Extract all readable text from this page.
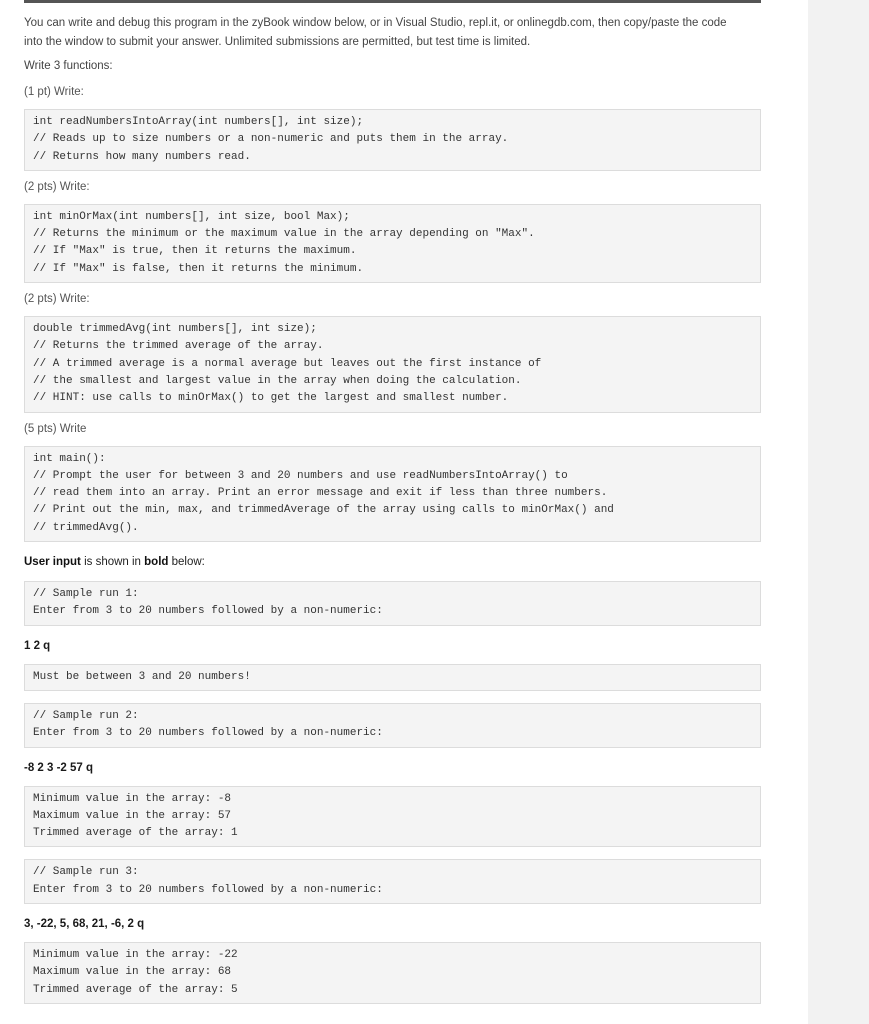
You can write and debug this program in the zyBook window below, or in Visual Studio, repl.it, or onlinegdb.com, then copy/paste the code

into the window to submit your answer. Unlimited submissions are permitted, but test time is limited.

Write 3 functions:

(1 pt) Write:
int readNumbersIntoArray(int numbers[], int size);
// Reads up to size numbers or a non-numeric and puts them in the array.
// Returns how many numbers read.
(2 pts) Write:
int minOrMax(int numbers[], int size, bool Max);
// Returns the minimum or the maximum value in the array depending on "Max".
// If "Max" is true, then it returns the maximum.
// If "Max" is false, then it returns the minimum.
(2 pts) Write:
double trimmedAvg(int numbers[], int size);
// Returns the trimmed average of the array.
// A trimmed average is a normal average but leaves out the first instance of
// the smallest and largest value in the array when doing the calculation.
// HINT: use calls to minOrMax() to get the largest and smallest number.
(5 pts) Write
int main():
// Prompt the user for between 3 and 20 numbers and use readNumbersIntoArray() to
// read them into an array. Print an error message and exit if less than three numbers.
// Print out the min, max, and trimmedAverage of the array using calls to minOrMax() and
// trimmedAvg().
User input is shown in bold below:
// Sample run 1:
Enter from 3 to 20 numbers followed by a non-numeric:
1 2 q
Must be between 3 and 20 numbers!
// Sample run 2:
Enter from 3 to 20 numbers followed by a non-numeric:
-8 2 3 -2 57 q
Minimum value in the array: -8
Maximum value in the array: 57
Trimmed average of the array: 1
// Sample run 3:
Enter from 3 to 20 numbers followed by a non-numeric:
3, -22, 5, 68, 21, -6, 2 q
Minimum value in the array: -22
Maximum value in the array: 68
Trimmed average of the array: 5
